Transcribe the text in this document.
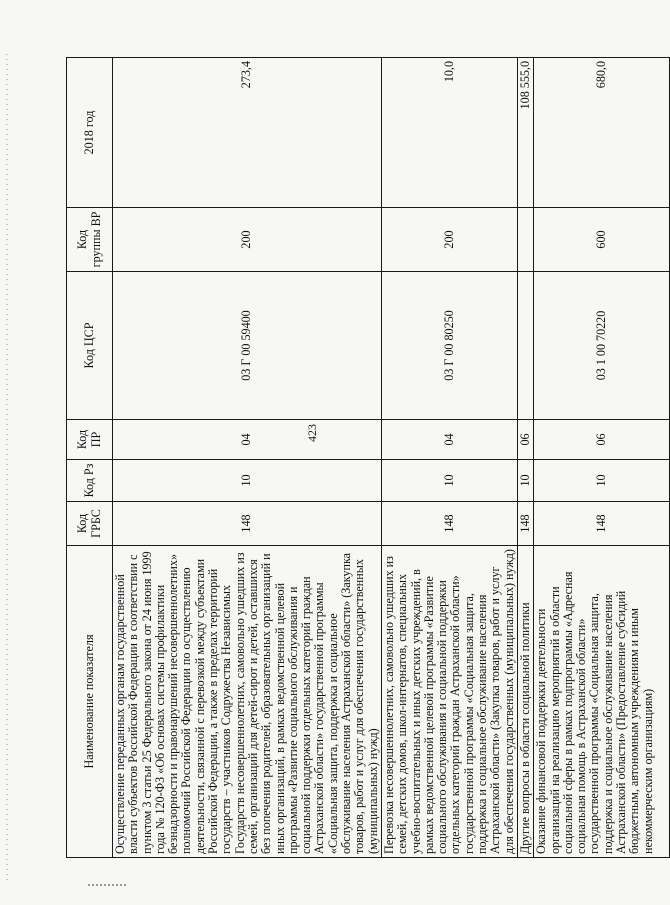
423
Наименование показателя	Код ГРБС	Код Рз	Код ПР	Код ЦСР	Код группы ВР	2018 год
Осуществление переданных органам государственной власти субъектов Российской Федерации в соответствии с пунктом 3 статьи 25 Федерального закона от 24 июня 1999 года № 120-ФЗ «Об основах системы профилактики безнадзорности и правонарушений несовершеннолетних» полномочий Российской Федерации по осуществлению деятельности, связанной с перевозкой между субъектами Российской Федерации, а также в пределах территорий государств – участников Содружества Независимых Государств несовершеннолетних, самовольно ушедших из семей, организаций для детей-сирот и детей, оставшихся без попечения родителей, образовательных организаций и иных организаций, в рамках ведомственной целевой программы «Развитие социального обслуживания и социальной поддержки отдельных категорий граждан Астраханской области» государственной программы «Социальная защита, поддержка и социальное обслуживание населения Астраханской области» (Закупка товаров, работ и услуг для обеспечения государственных (муниципальных) нужд)	148	10	04	03 Г 00 59400	200	273,4
Перевозка несовершеннолетних, самовольно ушедших из семей, детских домов, школ-интернатов, специальных учебно-воспитательных и иных детских учреждений, в рамках ведомственной целевой программы «Развитие социального обслуживания и социальной поддержки отдельных категорий граждан Астраханской области» государственной программы «Социальная защита, поддержка и социальное обслуживание населения Астраханской области» (Закупка товаров, работ и услуг для обеспечения государственных (муниципальных) нужд)	148	10	04	03 Г 00 80250	200	10,0
Другие вопросы в области социальной политики	148	10	06			108 555,0
Оказание финансовой поддержки деятельности организаций на реализацию мероприятий в области социальной сферы в рамках подпрограммы «Адресная социальная помощь в Астраханской области» государственной программы «Социальная защита, поддержка и социальное обслуживание населения Астраханской области» (Предоставление субсидий бюджетным, автономным учреждениям и иным некоммерческим организациям)	148	10	06	03 1 00 70220	600	680,0
